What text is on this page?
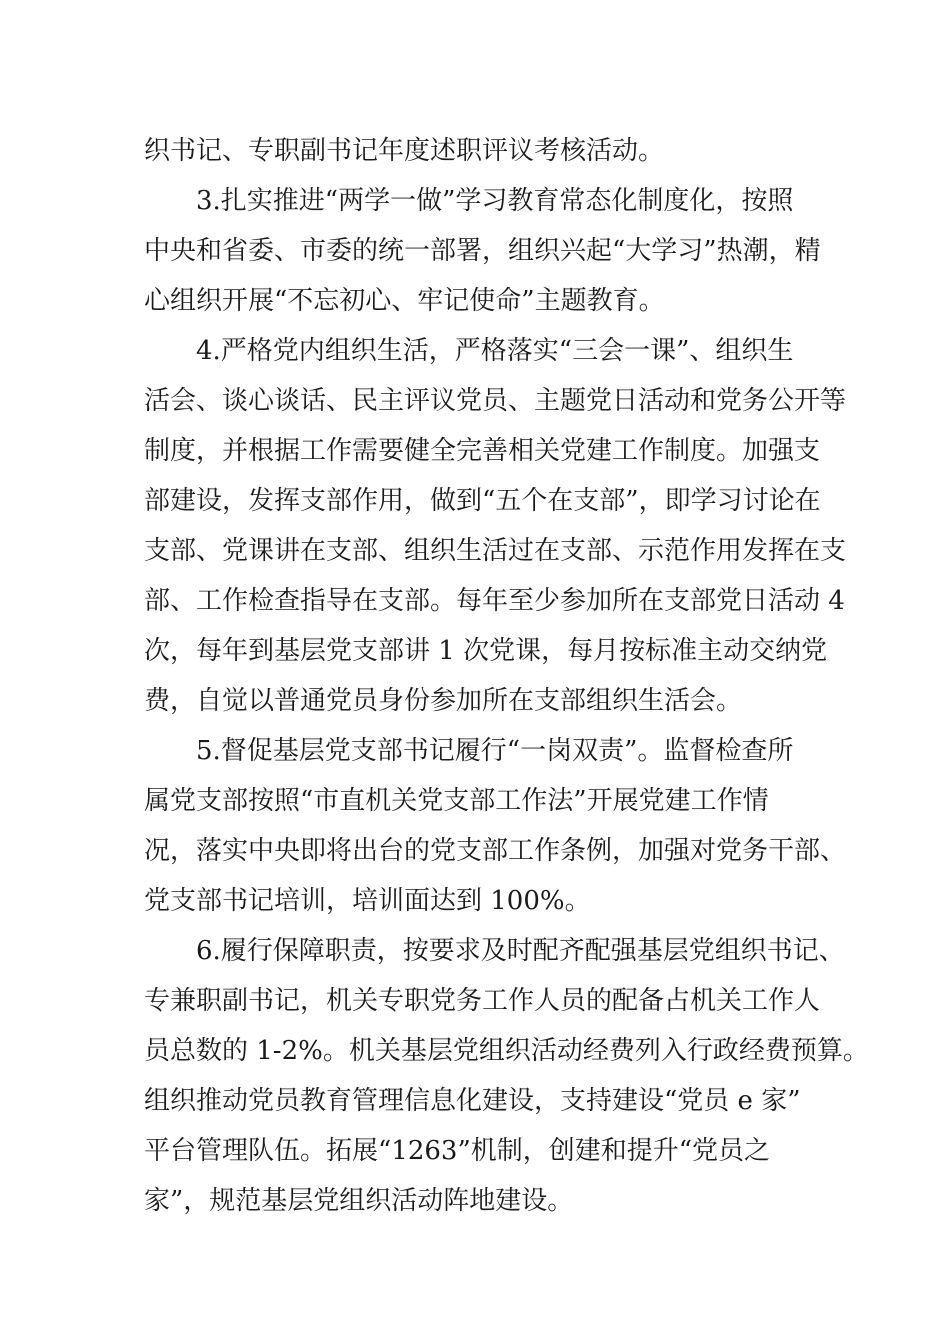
织书记、专职副书记年度述职评议考核活动。
3.扎实推进“两学一做”学习教育常态化制度化，按照
中央和省委、市委的统一部署，组织兴起“大学习”热潮，精
心组织开展“不忘初心、牢记使命”主题教育。
4.严格党内组织生活，严格落实“三会一课”、组织生
活会、谈心谈话、民主评议党员、主题党日活动和党务公开等
制度，并根据工作需要健全完善相关党建工作制度。加强支
部建设，发挥支部作用，做到“五个在支部”，即学习讨论在
支部、党课讲在支部、组织生活过在支部、示范作用发挥在支
部、工作检查指导在支部。每年至少参加所在支部党日活动 4
次，每年到基层党支部讲 1 次党课，每月按标准主动交纳党
费，自觉以普通党员身份参加所在支部组织生活会。
5.督促基层党支部书记履行“一岗双责”。监督检查所
属党支部按照“市直机关党支部工作法”开展党建工作情
况，落实中央即将出台的党支部工作条例，加强对党务干部、
党支部书记培训，培训面达到 100%。
6.履行保障职责，按要求及时配齐配强基层党组织书记、
专兼职副书记，机关专职党务工作人员的配备占机关工作人
员总数的 1-2%。机关基层党组织活动经费列入行政经费预算。
组织推动党员教育管理信息化建设，支持建设“党员 e 家”
平台管理队伍。拓展“1263”机制，创建和提升“党员之
家”，规范基层党组织活动阵地建设。
